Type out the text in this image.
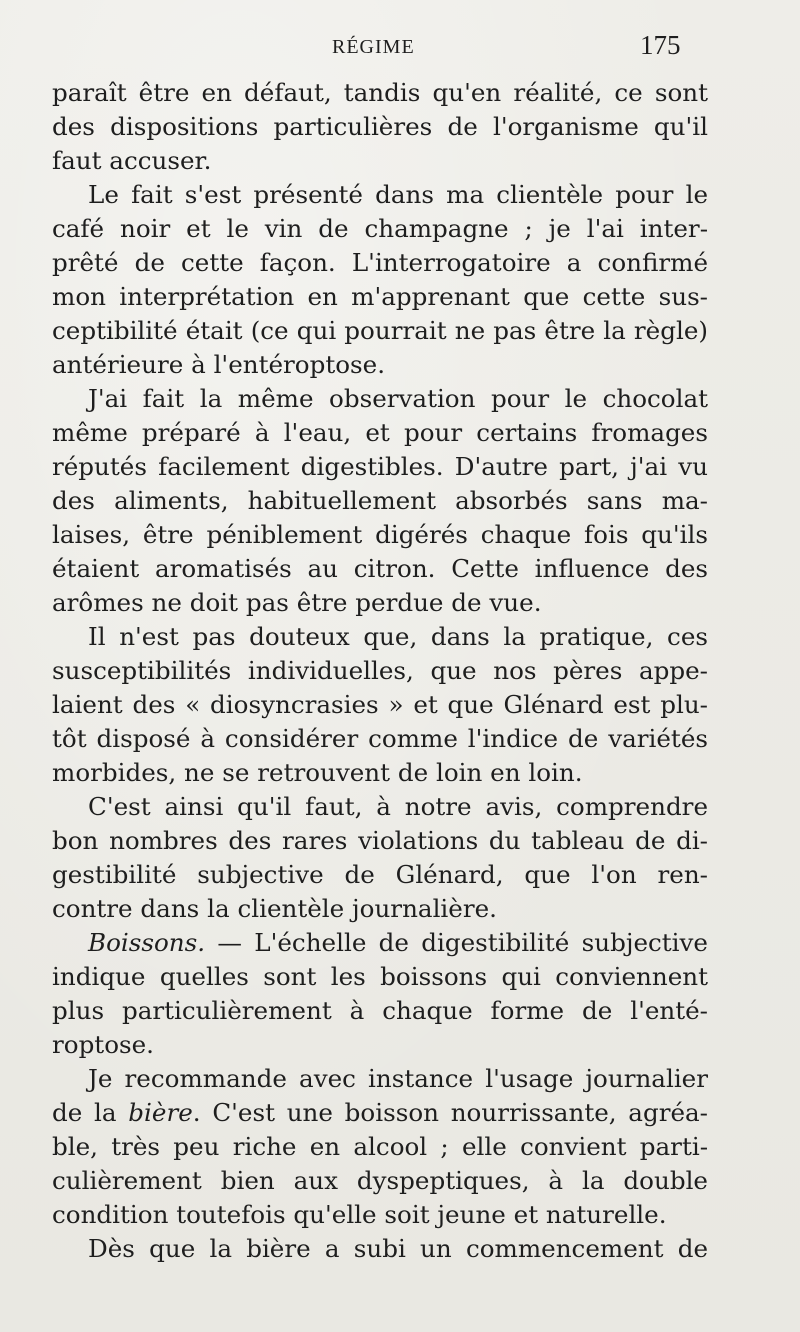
RÉGIME	175
paraît être en défaut, tandis qu'en réalité, ce sont
des dispositions particulières de l'organisme qu'il
faut accuser.
Le fait s'est présenté dans ma clientèle pour le
café noir et le vin de champagne ; je l'ai inter-
prêté de cette façon. L'interrogatoire a confirmé
mon interprétation en m'apprenant que cette sus-
ceptibilité était (ce qui pourrait ne pas être la règle)
antérieure à l'entéroptose.
J'ai fait la même observation pour le chocolat
même préparé à l'eau, et pour certains fromages
réputés facilement digestibles. D'autre part, j'ai vu
des aliments, habituellement absorbés sans ma-
laises, être péniblement digérés chaque fois qu'ils
étaient aromatisés au citron. Cette influence des
arômes ne doit pas être perdue de vue.
Il n'est pas douteux que, dans la pratique, ces
susceptibilités individuelles, que nos pères appe-
laient des « diosyncrasies » et que Glénard est plu-
tôt disposé à considérer comme l'indice de variétés
morbides, ne se retrouvent de loin en loin.
C'est ainsi qu'il faut, à notre avis, comprendre
bon nombres des rares violations du tableau de di-
gestibilité subjective de Glénard, que l'on ren-
contre dans la clientèle journalière.
Boissons. — L'échelle de digestibilité subjective
indique quelles sont les boissons qui conviennent
plus particulièrement à chaque forme de l'enté-
roptose.
Je recommande avec instance l'usage journalier
de la bière. C'est une boisson nourrissante, agréa-
ble, très peu riche en alcool ; elle convient parti-
culièrement bien aux dyspeptiques, à la double
condition toutefois qu'elle soit jeune et naturelle.
Dès que la bière a subi un commencement de
